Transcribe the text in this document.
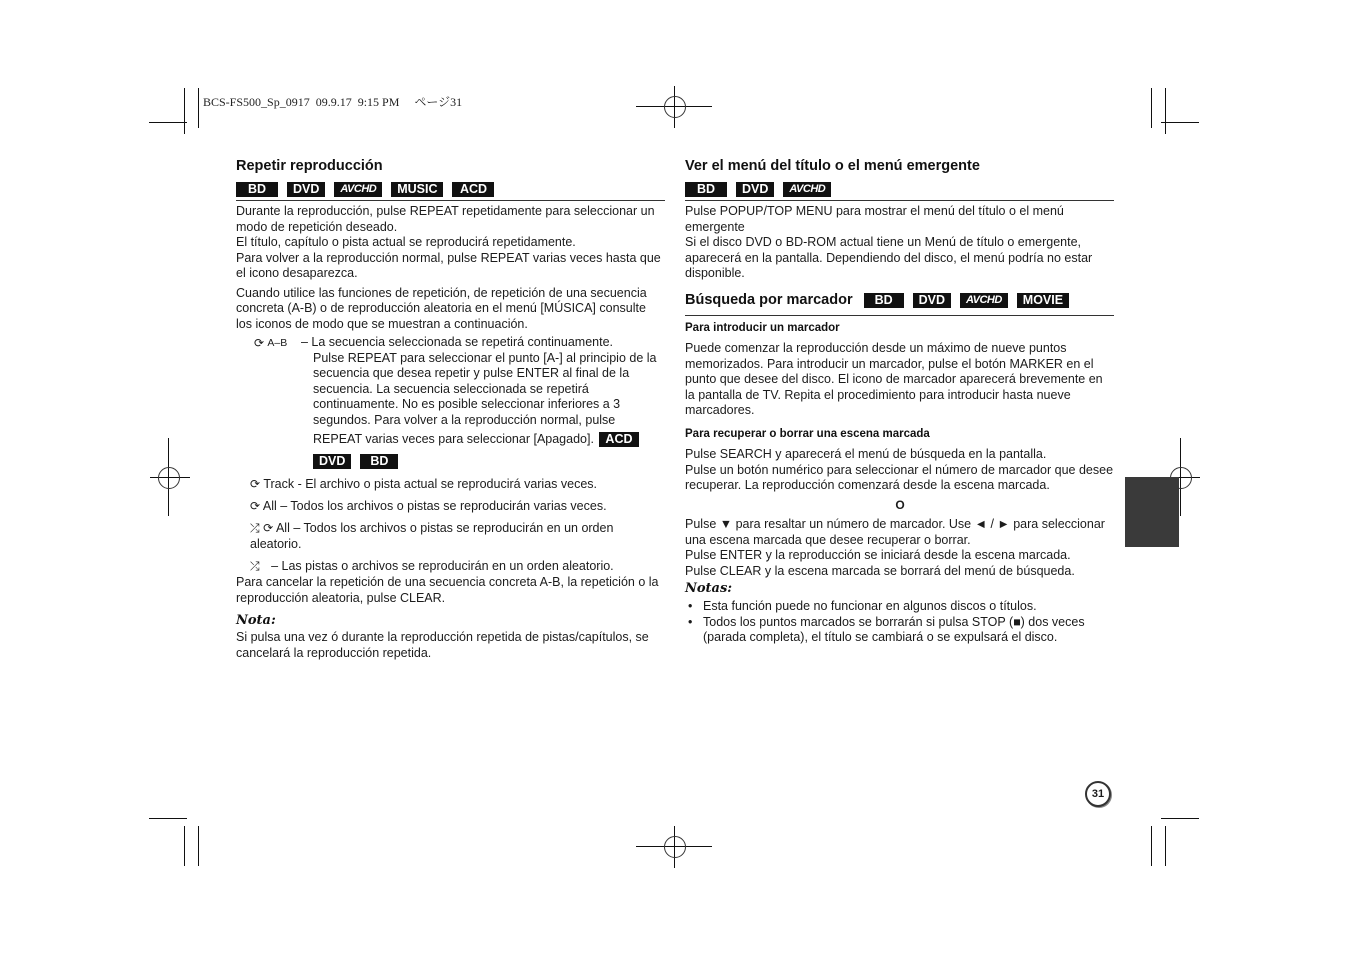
BCS-FS500_Sp_0917  09.9.17  9:15 PM     ページ31
Repetir reproducción
BD	DVD	AVCHD	MUSIC	ACD

Durante la reproducción, pulse REPEAT repetidamente para seleccionar un modo de repetición deseado.

El título, capítulo o pista actual se reproducirá repetidamente.

Para volver a la reproducción normal, pulse REPEAT varias veces hasta que el icono desaparezca.

Cuando utilice las funciones de repetición, de repetición de una secuencia concreta (A-B) o de reproducción aleatoria en el menú [MÚSICA] consulte los iconos de modo que se muestran a continuación.

⟳ A–B	– La secuencia seleccionada se repetirá continuamente.

Pulse REPEAT para seleccionar el punto [A-] al principio de la secuencia que desea repetir y pulse ENTER al final de la secuencia. La secuencia seleccionada se repetirá continuamente. No es posible seleccionar inferiores a 3 segundos. Para volver a la reproducción normal, pulse

REPEAT varias veces para seleccionar [Apagado]. ACD

DVD	BD

⟳ Track - El archivo o pista actual se reproducirá varias veces.

⟳ All – Todos los archivos o pistas se reproducirán varias veces.

⤮ ⟳ All – Todos los archivos o pistas se reproducirán en un orden aleatorio.

⤮ – Las pistas o archivos se reproducirán en un orden aleatorio.

Para cancelar la repetición de una secuencia concreta A-B, la repetición o la reproducción aleatoria, pulse CLEAR.

Nota:

Si pulsa una vez ó durante la reproducción repetida de pistas/capítulos, se cancelará la reproducción repetida.

Ver el menú del título o el menú emergente
BD	DVD	AVCHD

Pulse POPUP/TOP MENU para mostrar el menú del título o el menú emergente

Si el disco DVD o BD-ROM actual tiene un Menú de título o emergente, aparecerá en la pantalla. Dependiendo del disco, el menú podría no estar disponible.

Búsqueda por marcador	BD	DVD	AVCHD	MOVIE
Para introducir un marcador

Puede comenzar la reproducción desde un máximo de nueve puntos memorizados. Para introducir un marcador, pulse el botón MARKER en el punto que desee del disco. El icono de marcador aparecerá brevemente en la pantalla de TV. Repita el procedimiento para introducir hasta nueve marcadores.

Para recuperar o borrar una escena marcada

Pulse SEARCH y aparecerá el menú de búsqueda en la pantalla.

Pulse un botón numérico para seleccionar el número de marcador que desee recuperar. La reproducción comenzará desde la escena marcada.

O

Pulse ▼ para resaltar un número de marcador. Use ◄ / ► para seleccionar una escena marcada que desee recuperar o borrar.

Pulse ENTER y la reproducción se iniciará desde la escena marcada.

Pulse CLEAR y la escena marcada se borrará del menú de búsqueda.

Notas:
• Esta función puede no funcionar en algunos discos o títulos.
• Todos los puntos marcados se borrarán si pulsa STOP (■) dos veces (parada completa), el título se cambiará o se expulsará el disco.
31
